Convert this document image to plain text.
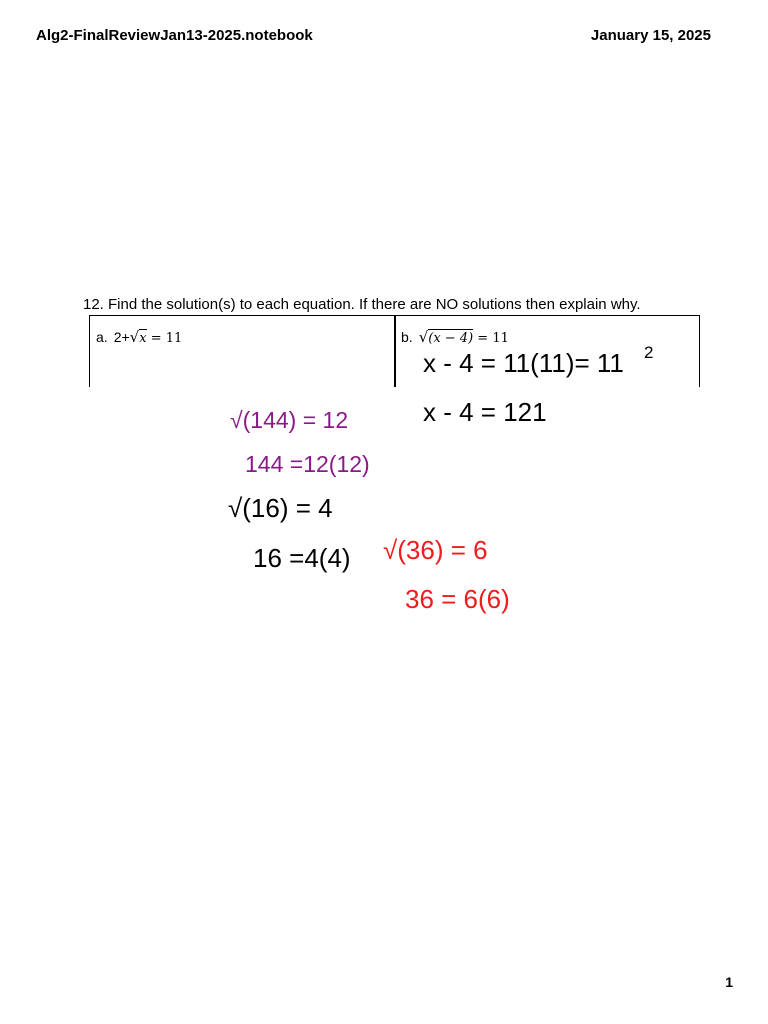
Alg2-FinalReviewJan13-2025.notebook	January 15, 2025
12. Find the solution(s) to each equation. If there are NO solutions then explain why.
a. 2+√x = 11	b. √(x − 4) = 11
x - 4 = 11(11)= 11 2
x - 4 = 121
√(144) = 12
144 =12(12)
√(16) = 4
16 =4(4) √(36) = 6
36 = 6(6)
1
